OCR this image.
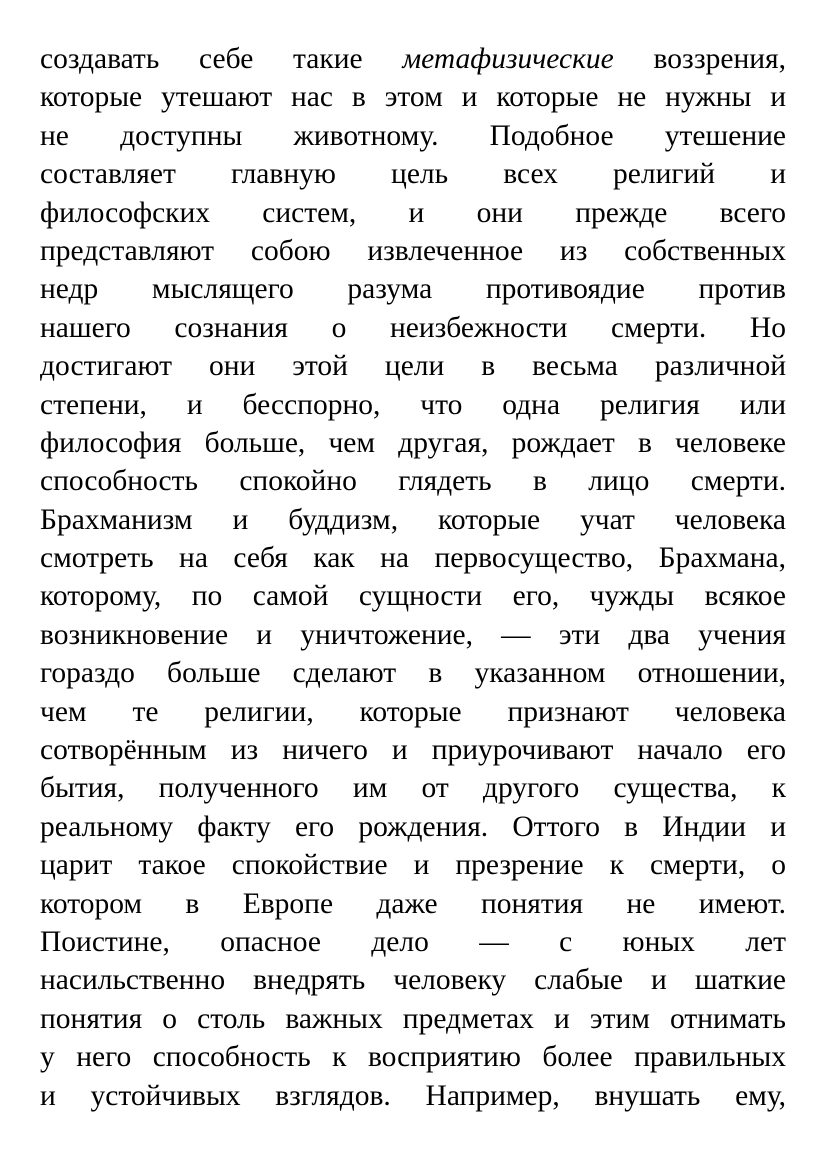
создавать себе такие метафизические воззрения,
которые утешают нас в этом и которые не нужны и
не доступны животному. Подобное утешение
составляет главную цель всех религий и
философских систем, и они прежде всего
представляют собою извлеченное из собственных
недр мыслящего разума противоядие против
нашего сознания о неизбежности смерти. Но
достигают они этой цели в весьма различной
степени, и бесспорно, что одна религия или
философия больше, чем другая, рождает в человеке
способность спокойно глядеть в лицо смерти.
Брахманизм и буддизм, которые учат человека
смотреть на себя как на первосущество, Брахмана,
которому, по самой сущности его, чужды всякое
возникновение и уничтожение, — эти два учения
гораздо больше сделают в указанном отношении,
чем те религии, которые признают человека
сотворённым из ничего и приурочивают начало его
бытия, полученного им от другого существа, к
реальному факту его рождения. Оттого в Индии и
царит такое спокойствие и презрение к смерти, о
котором в Европе даже понятия не имеют.
Поистине, опасное дело — с юных лет
насильственно внедрять человеку слабые и шаткие
понятия о столь важных предметах и этим отнимать
у него способность к восприятию более правильных
и устойчивых взглядов. Например, внушать ему,
